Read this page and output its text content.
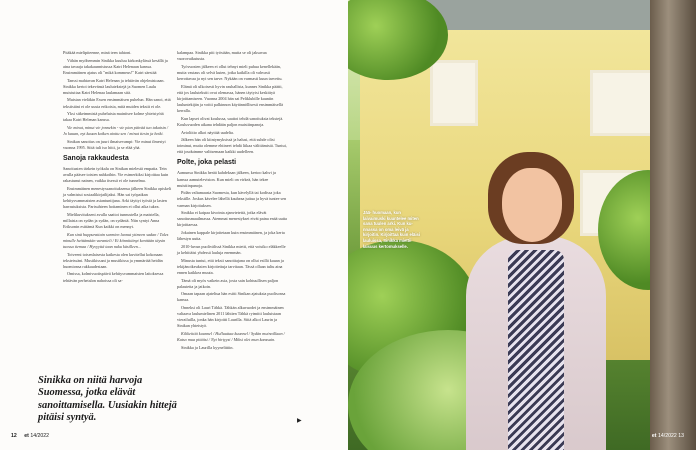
Pitäkää mielipiteenne, minä teen tahtoni.

Vähän myöhemmin Sinikka kuuluu kirkonkylässä kesällä ja aina tavaaja takakaunnistussa Katri Helenaan kanssa. Ensimmäinen ajatus oli "mikä kommeus!" Katri säestää

Tanssi mahtavan Katri Helenan ja tehtävän ohjelmistoaan. Sinikka kertoi tekevänsä laulutekstejä ja Suomen Laulu muistuttaa Katri Helenaa laulamaan sitä.

Muistan vieläkin Essen ensimmäisen puhelun. Hän sanoi, että tekstistäni ei ole uusia erikoisia, mitä muiden tekstit ei ole.

Yksi sitkeimmistä puheluista mainitsee kolme yhteistyötä takaa Katri Helenan kanssa.

Vie minut, minut vie jonnekin - vie pian päivää tuo takaisin / Jo kauan, nyt kauan kaiken aiottu sen / minut tiesin ja hetki.

Sinikan sanoitus on juuri ilmaisevampi: Vie minut ilmestyi vuonna 1995. Siitä tuli iso hitti, ja se elää yhä.

Sanoja rakkaudesta

Sanoitusten tärkein työkalu on Sinikan mielestä empatia. Tein avulla pääsee toisten nahkoihin. Vie esimerkiksi kirjoittaa kuin rakastunut nainen, vaikka itsessä ei ole tunnelma.

Ensimmäinen menestyssanoituksensa jälkeen Sinikka opiskeli ja valmistui sosiaalikirjailijaksi. Hän sai työpaikan kehitysvammaisten asiantuntijana. Arki täyttyi työstä ja lasten harrastuksista. Parisuhteen hoitaminen ei ollut aika tukea.

Mielikuvitukseni avulla saattoi tunnustella ja maistella, millaista on sydän ja sydän, on sydäntä. Niin syntyi Anna Eriksonin esittämä Kun kaikki on mennyt.

Kun sinä huppurattain surmien luonut ytimeen sadan / Tules minulle heittämään varanteli / Ei kiinnittänyt kenttään täysin tuossa tiemaa / Hyvyyttä taan nuku käsilleen...

Toiveeni toisenlaisesta kaikesta olen kuvitellut kokonaan teksteissäni. Musiikissani ja musiikissa ja ymmärtää heidän huomionsa rakkaudestaan.

Omissa, kolmivuotispäivä kehitysvammaisten laitoksessa tehtävän perhetalon nahoissa oli sa-

kalampaa. Sinikka piti työstään, mutta se oli jaksavaa vuorovaikutusta.

Työvuosien jälkeen ei ollut tehnyt mieli puhua kenellekään, mutta vastaus oli selvä kuten, jotka kaikilla oli vahvasti kerrottavaa ja nyt sen tarve. Nykään on varmasti kuun tarvettu.

Elämä oli ulkoisesti hyvin rauhallista, kunnes Sinikka päätti, että jos laulutekstit ovat olemassa, hänen täytyisi keskittyä kirjoittamiseen. Vuonna 2004 hän sai Peliklubille kauniin lauluntekijän ja voitti palkinnon käytännöllisesti ensimmäisellä kerralla.

Kun lapset olivat koulussa, saattoi tehdä sanoituksia tekstejä. Kouluvuoden aikana tehdään paljon muistiinpanoja.

Avioliitto alkoi näyttää uudelta.

Jälkeen hän oli kiintymyksissä ja halusi, että suhde olisi toiminut, mutta olemme ehtineet tehdä liikaa välittämistä. Tuntui, että jouduimme valitsemaan kaikki uudelleen.

Polte, joka pelasti

Aamunsa Sinikka herää kahdeksan jälkeen, kertoo kahvi ja kanssa aamutelevision. Kun mieli on virkeä, hän tekee muistiinpanoja.

Pidän valtamaasta Suomesta, kun kävelyllä tai kodissa joka tekstille. Joskus kävelee lähellä kauheaa juttua ja hyvä tuntee sen varman kirjoituksen.

Sinikka ei kaipaa kivointa ajanvietettä, jotka elävät sanoitusmaailmassa. Aiemmat menestykset eivät paina enää uutta kirjoittaessa.

Jokainen kappale kirjoitetaan kuin ensimmäinen, ja joka kerta lähestyn uutta.

2010-luvun puolivälissä Sinikka mietti, että voisiko eläkkeelle ja kehittäisi yhdessä lauluja enemmän.

Minusta tuntui, että teksti sanoittajana on ollut esillä kauan ja tekijänoikeuksien kirjoitettuja tarvitaan. Tässä ollaan tultu aina ennen kaikkea muuta.

Tämä oli myös vaikein asia, josta sain kohtuullisen paljon palautetta ja jatkoin.

Omaan tapaan ajateltua hän esitti Sinikan ajatuksia puolisonsa kanssa.

Onneksi oli Lauri Tähkä. Tähkän alkuvuodet ja ensimmäinen valtaava laulumielinen 2011 lähtien Tähkä rytmitti lauluistaan vierailuilla, jonka hän kirjoitti Laurilla. Siitä alkoi Laurin ja Sinikan yhteistyö.

Kilikeittiä kuunnel / Hulluuttaa kuunnel / Sydän muinoillaan / Katso mua pittäisi / Nyt hirtyysi / Miksi olet mun kanssain.

Sinikka ja Laurilla kyynelittiin.

Sinikka on niitä harvoja Suomessa, jotka elävät sanoittamisella. Uusiakin hittejä pitäisi syntyä.	▶
12 et 14/2022
Jää- huomaan, kun laivaimuski kuuntelee miten sana tuulen arki. Kun ku- nnassa on oma leivä ja kirjoitin. Kirjoittaa kuin eläisi lauluissa, Sinikka miettii laisuus kertomukselle.
et 14/2022 13
